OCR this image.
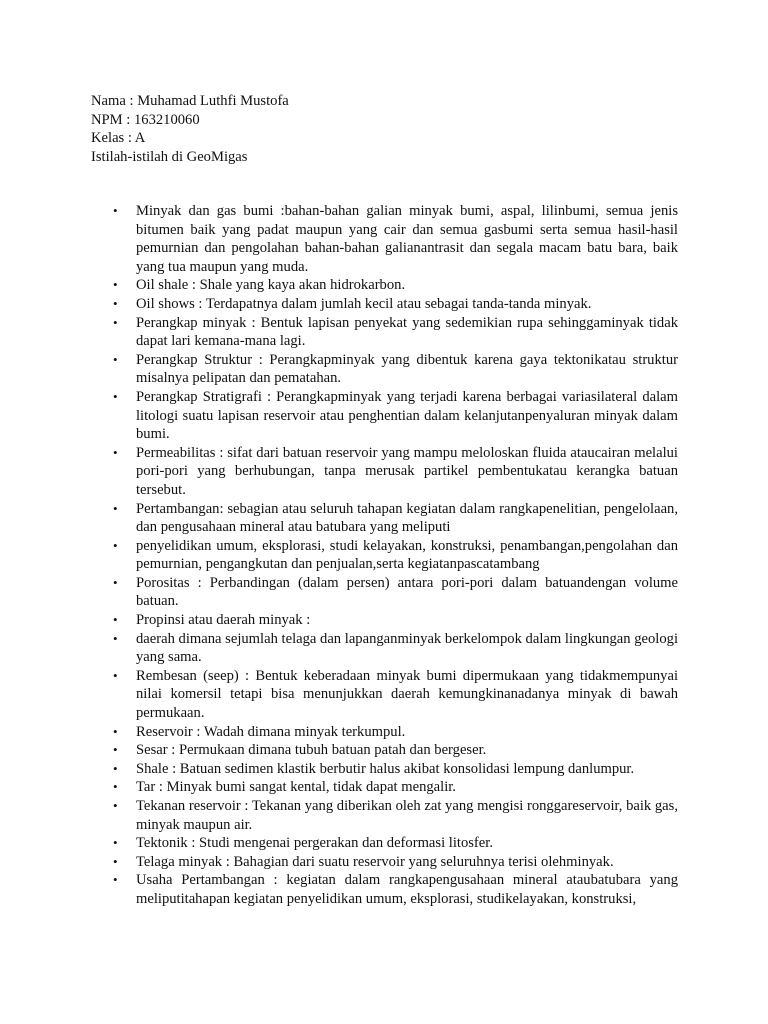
Nama : Muhamad Luthfi Mustofa
NPM : 163210060
Kelas : A
Istilah-istilah di GeoMigas
• Minyak dan gas bumi :bahan-bahan galian minyak bumi, aspal, lilinbumi, semua jenis bitumen baik yang padat maupun yang cair dan semua gasbumi serta semua hasil-hasil pemurnian dan pengolahan bahan-bahan galianantrasit dan segala macam batu bara, baik yang tua maupun yang muda.
• Oil shale : Shale yang kaya akan hidrokarbon.
• Oil shows : Terdapatnya dalam jumlah kecil atau sebagai tanda-tanda minyak.
• Perangkap minyak : Bentuk lapisan penyekat yang sedemikian rupa sehinggaminyak tidak dapat lari kemana-mana lagi.
• Perangkap Struktur : Perangkapminyak yang dibentuk karena gaya tektonikatau struktur misalnya pelipatan dan pematahan.
• Perangkap Stratigrafi : Perangkapminyak yang terjadi karena berbagai variasilateral dalam litologi suatu lapisan reservoir atau penghentian dalam kelanjutanpenyaluran minyak dalam bumi.
• Permeabilitas : sifat dari batuan reservoir yang mampu meloloskan fluida ataucairan melalui pori-pori yang berhubungan, tanpa merusak partikel pembentukatau kerangka batuan tersebut.
• Pertambangan: sebagian atau seluruh tahapan kegiatan dalam rangkapenelitian, pengelolaan, dan pengusahaan mineral atau batubara yang meliputi
• penyelidikan umum, eksplorasi, studi kelayakan, konstruksi, penambangan,pengolahan dan pemurnian, pengangkutan dan penjualan,serta kegiatanpascatambang
• Porositas : Perbandingan (dalam persen) antara pori-pori dalam batuandengan volume batuan.
• Propinsi atau daerah minyak :
• daerah dimana sejumlah telaga dan lapanganminyak berkelompok dalam lingkungan geologi yang sama.
• Rembesan (seep) : Bentuk keberadaan minyak bumi dipermukaan yang tidakmempunyai nilai komersil tetapi bisa menunjukkan daerah kemungkinanadanya minyak di bawah permukaan.
• Reservoir : Wadah dimana minyak terkumpul.
• Sesar : Permukaan dimana tubuh batuan patah dan bergeser.
• Shale : Batuan sedimen klastik berbutir halus akibat konsolidasi lempung danlumpur.
• Tar : Minyak bumi sangat kental, tidak dapat mengalir.
• Tekanan reservoir : Tekanan yang diberikan oleh zat yang mengisi ronggareservoir, baik gas, minyak maupun air.
• Tektonik : Studi mengenai pergerakan dan deformasi litosfer.
• Telaga minyak : Bahagian dari suatu reservoir yang seluruhnya terisi olehminyak.
• Usaha Pertambangan : kegiatan dalam rangkapengusahaan mineral ataubatubara yang meliputitahapan kegiatan penyelidikan umum, eksplorasi, studikelayakan, konstruksi,
